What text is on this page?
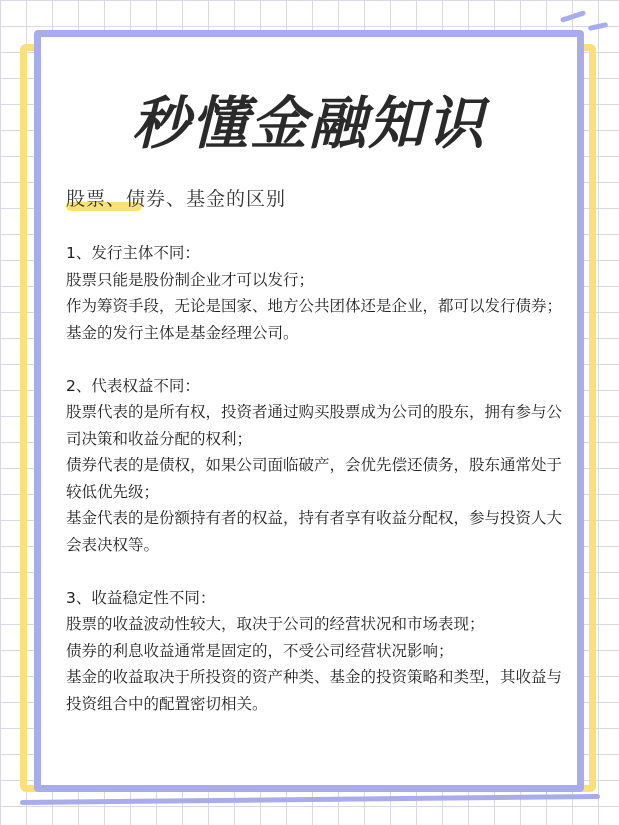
秒懂金融知识
股票、债券、基金的区别

1、发行主体不同：

股票只能是股份制企业才可以发行；

作为筹资手段，无论是国家、地方公共团体还是企业，都可以发行债券；

基金的发行主体是基金经理公司。

2、代表权益不同：

股票代表的是所有权，投资者通过购买股票成为公司的股东，拥有参与公司决策和收益分配的权利；

债券代表的是债权，如果公司面临破产，会优先偿还债务，股东通常处于较低优先级；

基金代表的是份额持有者的权益，持有者享有收益分配权，参与投资人大会表决权等。

3、收益稳定性不同：

股票的收益波动性较大，取决于公司的经营状况和市场表现；

债券的利息收益通常是固定的，不受公司经营状况影响；

基金的收益取决于所投资的资产种类、基金的投资策略和类型，其收益与投资组合中的配置密切相关。
